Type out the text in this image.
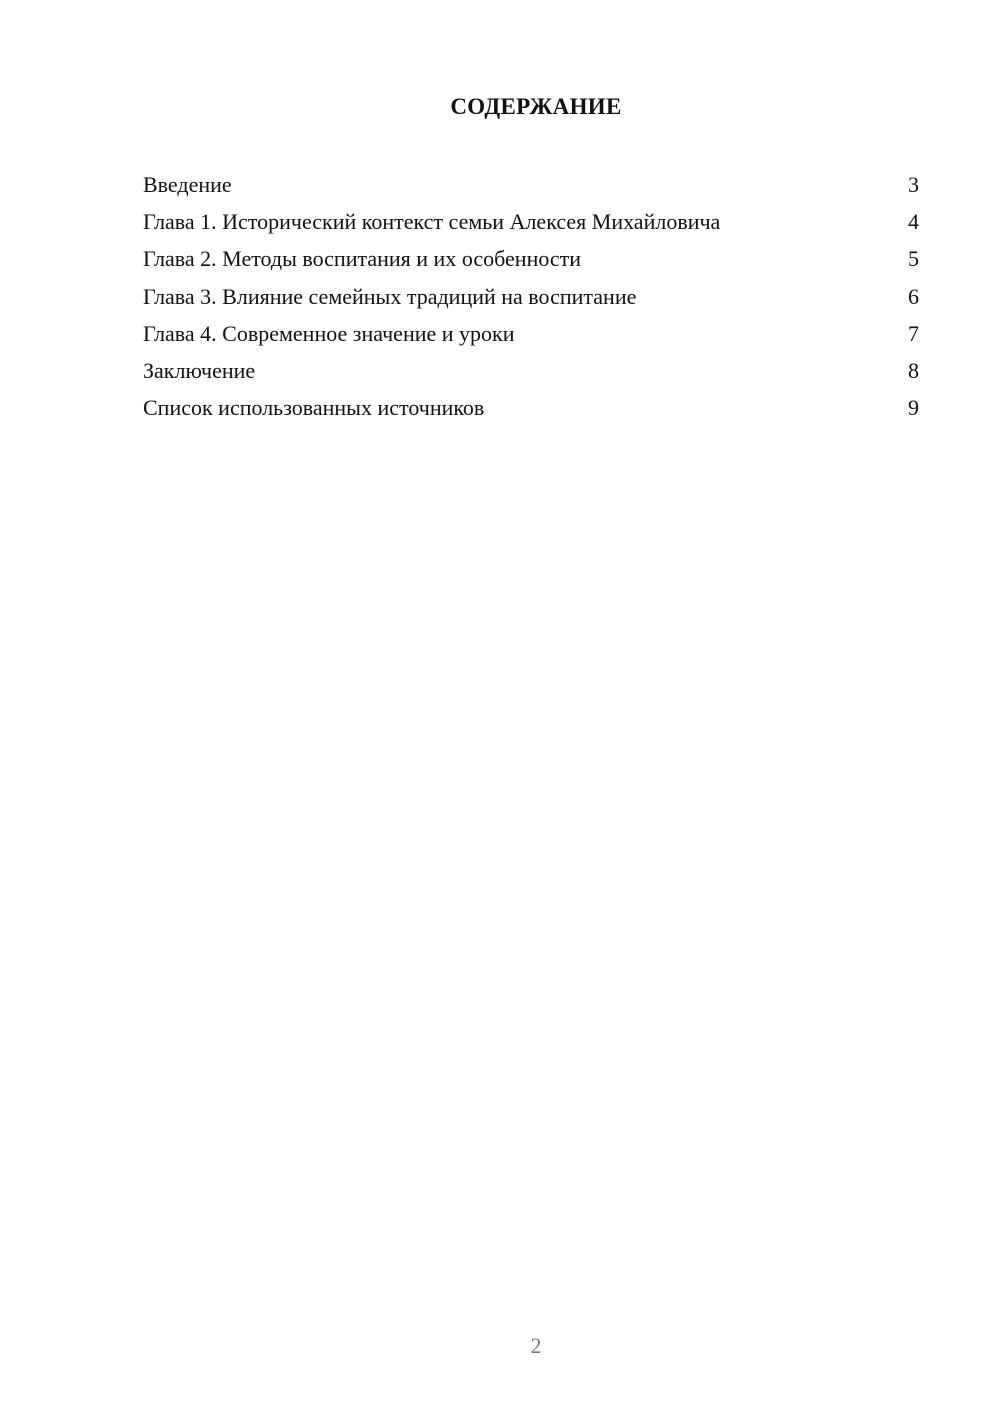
СОДЕРЖАНИЕ
Введение	3
Глава 1. Исторический контекст семьи Алексея Михайловича	4
Глава 2. Методы воспитания и их особенности	5
Глава 3. Влияние семейных традиций на воспитание	6
Глава 4. Современное значение и уроки	7
Заключение	8
Список использованных источников	9
2
